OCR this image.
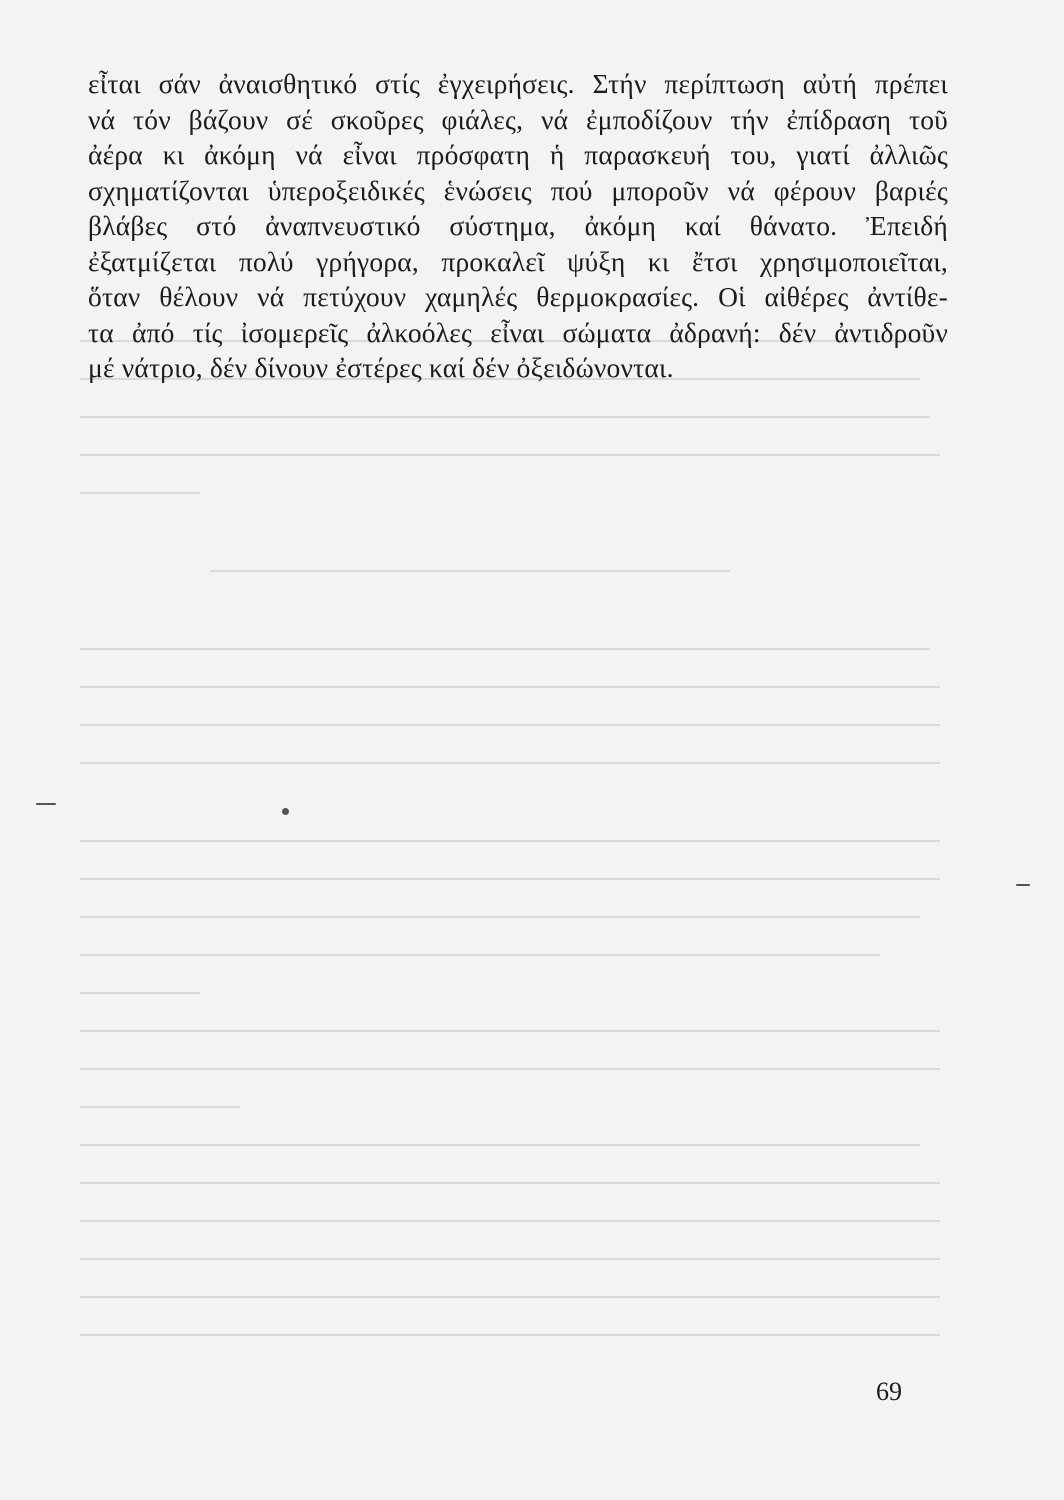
εἶται σάν ἀναισθητικό στίς ἐγχειρήσεις. Στήν περίπτωση αὐτή πρέπει
νά τόν βάζουν σέ σκοῦρες φιάλες, νά ἐμποδίζουν τήν ἐπίδραση τοῦ
ἀέρα κι ἀκόμη νά εἶναι πρόσφατη ἡ παρασκευή του, γιατί ἀλλιῶς
σχηματίζονται ὑπεροξειδικές ἑνώσεις πού μποροῦν νά φέρουν βαριές
βλάβες στό ἀναπνευστικό σύστημα, ἀκόμη καί θάνατο. Ἐπειδή
ἐξατμίζεται πολύ γρήγορα, προκαλεῖ ψύξη κι ἔτσι χρησιμοποιεῖται,
ὅταν θέλουν νά πετύχουν χαμηλές θερμοκρασίες. Οἱ αἰθέρες ἀντίθε-
τα ἀπό τίς ἰσομερεῖς ἀλκοόλες εἶναι σώματα ἀδρανή: δέν ἀντιδροῦν
μέ νάτριο, δέν δίνουν ἐστέρες καί δέν ὀξειδώνονται.
69
